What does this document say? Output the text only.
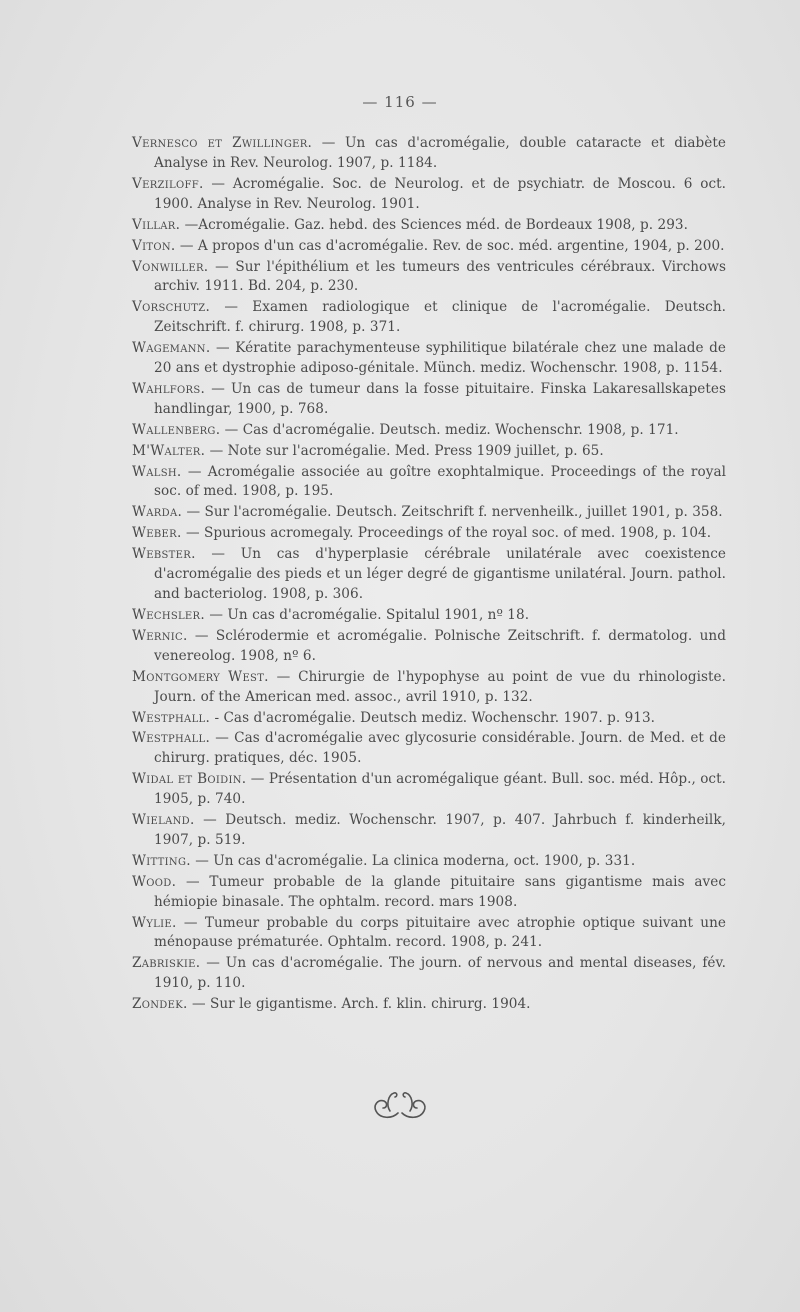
— 116 —

Vernesco et Zwillinger. — Un cas d'acromégalie, double cataracte et diabète Analyse in Rev. Neurolog. 1907, p. 1184.

Verziloff. — Acromégalie. Soc. de Neurolog. et de psychiatr. de Moscou. 6 oct. 1900. Analyse in Rev. Neurolog. 1901.

Villar. —Acromégalie. Gaz. hebd. des Sciences méd. de Bordeaux 1908, p. 293.

Viton. — A propos d'un cas d'acromégalie. Rev. de soc. méd. argentine, 1904, p. 200.

Vonwiller. — Sur l'épithélium et les tumeurs des ventricules cérébraux. Virchows archiv. 1911. Bd. 204, p. 230.

Vorschutz. — Examen radiologique et clinique de l'acromégalie. Deutsch. Zeitschrift. f. chirurg. 1908, p. 371.

Wagemann. — Kératite parachymenteuse syphilitique bilatérale chez une malade de 20 ans et dystrophie adiposo-génitale. Münch. mediz. Wochenschr. 1908, p. 1154.

Wahlfors. — Un cas de tumeur dans la fosse pituitaire. Finska Lakaresallskapetes handlingar, 1900, p. 768.

Wallenberg. — Cas d'acromégalie. Deutsch. mediz. Wochenschr. 1908, p. 171.

M'Walter. — Note sur l'acromégalie. Med. Press 1909 juillet, p. 65.

Walsh. — Acromégalie associée au goître exophtalmique. Proceedings of the royal soc. of med. 1908, p. 195.

Warda. — Sur l'acromégalie. Deutsch. Zeitschrift f. nervenheilk., juillet 1901, p. 358.

Weber. — Spurious acromegaly. Proceedings of the royal soc. of med. 1908, p. 104.

Webster. — Un cas d'hyperplasie cérébrale unilatérale avec coexistence d'acromégalie des pieds et un léger degré de gigantisme unilatéral. Journ. pathol. and bacteriolog. 1908, p. 306.

Wechsler. — Un cas d'acromégalie. Spitalul 1901, nº 18.

Wernic. — Sclérodermie et acromégalie. Polnische Zeitschrift. f. dermatolog. und venereolog. 1908, nº 6.

Montgomery West. — Chirurgie de l'hypophyse au point de vue du rhinologiste. Journ. of the American med. assoc., avril 1910, p. 132.

Westphall. - Cas d'acromégalie. Deutsch mediz. Wochenschr. 1907. p. 913.

Westphall. — Cas d'acromégalie avec glycosurie considérable. Journ. de Med. et de chirurg. pratiques, déc. 1905.

Widal et Boidin. — Présentation d'un acromégalique géant. Bull. soc. méd. Hôp., oct. 1905, p. 740.

Wieland. — Deutsch. mediz. Wochenschr. 1907, p. 407. Jahrbuch f. kinderheilk, 1907, p. 519.

Witting. — Un cas d'acromégalie. La clinica moderna, oct. 1900, p. 331.

Wood. — Tumeur probable de la glande pituitaire sans gigantisme mais avec hémiopie binasale. The ophtalm. record. mars 1908.

Wylie. — Tumeur probable du corps pituitaire avec atrophie optique suivant une ménopause prématurée. Ophtalm. record. 1908, p. 241.

Zabriskie. — Un cas d'acromégalie. The journ. of nervous and mental diseases, fév. 1910, p. 110.

Zondek. — Sur le gigantisme. Arch. f. klin. chirurg. 1904.
